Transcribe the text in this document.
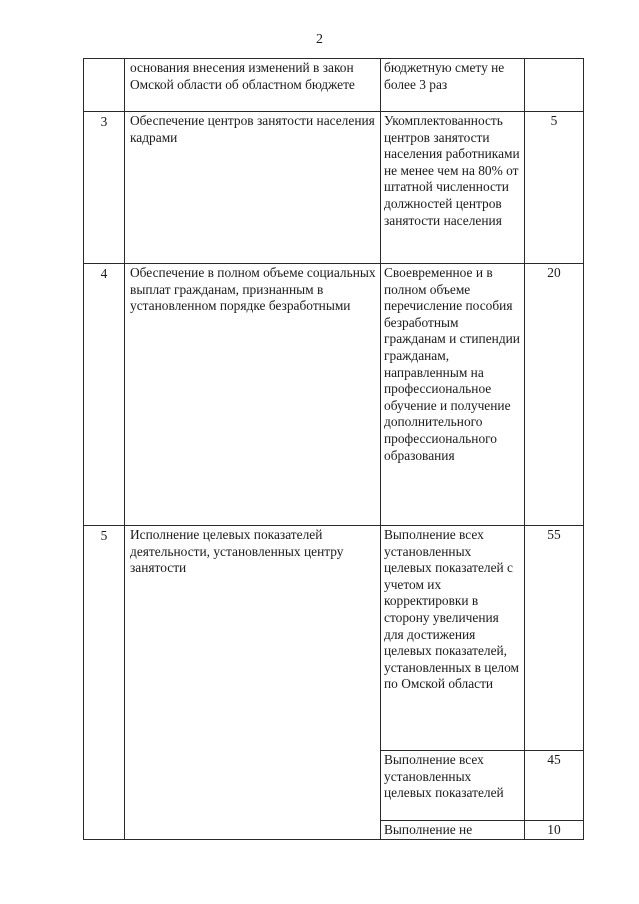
2

	основания внесения изменений в закон Омской области об областном бюджете	бюджетную смету не более 3 раз	

3	Обеспечение центров занятости населения кадрами	Укомплектованность центров занятости населения работниками не менее чем на 80% от штатной численности должностей центров занятости населения	5
4	Обеспечение в полном объеме социальных выплат гражданам, признанным в установленном порядке безработными	Своевременное и в полном объеме перечисление пособия безработным гражданам и стипендии гражданам, направленным на профессиональное обучение и получение дополнительного профессионального образования	20
5	Исполнение целевых показателей деятельности, установленных центру занятости	Выполнение всех установленных целевых показателей с учетом их корректировки в сторону увеличения для достижения целевых показателей, установленных в целом по Омской области	55

		Выполнение всех установленных целевых показателей	45

		Выполнение не	10
